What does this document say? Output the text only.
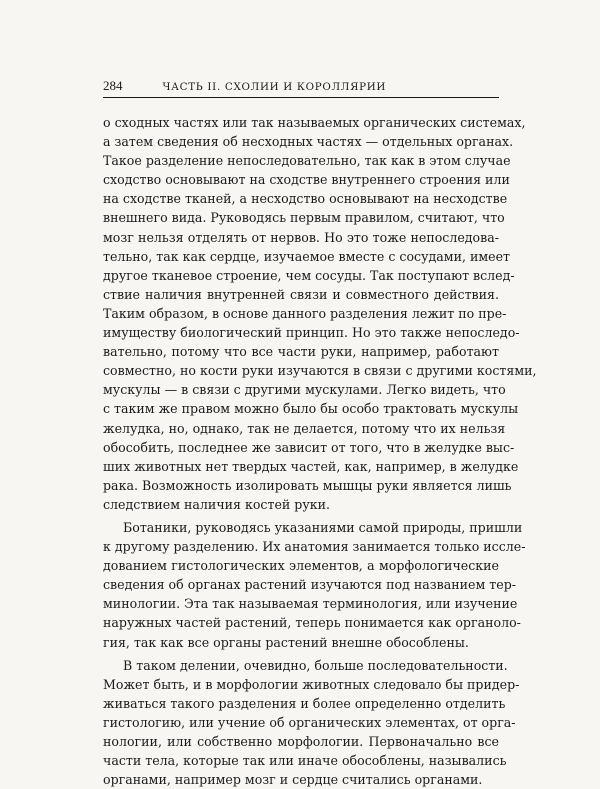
284	ЧАСТЬ II. СХОЛИИ И КОРОЛЛЯРИИ
о сходных частях или так называемых органических системах,
а затем сведения об несходных частях — отдельных органах.
Такое разделение непоследовательно, так как в этом случае
сходство основывают на сходстве внутреннего строения или
на сходстве тканей, а несходство основывают на несходстве
внешнего вида. Руководясь первым правилом, считают, что
мозг нельзя отделять от нервов. Но это тоже непоследова-
тельно, так как сердце, изучаемое вместе с сосудами, имеет
другое тканевое строение, чем сосуды. Так поступают вслед-
ствие наличия внутренней связи и совместного действия.
Таким образом, в основе данного разделения лежит по пре-
имуществу биологический принцип. Но это также непоследо-
вательно, потому что все части руки, например, работают
совместно, но кости руки изучаются в связи с другими костями,
мускулы — в связи с другими мускулами. Легко видеть, что
с таким же правом можно было бы особо трактовать мускулы
желудка, но, однако, так не делается, потому что их нельзя
обособить, последнее же зависит от того, что в желудке выс-
ших животных нет твердых частей, как, например, в желудке
рака. Возможность изолировать мышцы руки является лишь
следствием наличия костей руки.
Ботаники, руководясь указаниями самой природы, пришли
к другому разделению. Их анатомия занимается только иссле-
дованием гистологических элементов, а морфологические
сведения об органах растений изучаются под названием тер-
минологии. Эта так называемая терминология, или изучение
наружных частей растений, теперь понимается как органоло-
гия, так как все органы растений внешне обособлены.
В таком делении, очевидно, больше последовательности.
Может быть, и в морфологии животных следовало бы придер-
живаться такого разделения и более определенно отделить
гистологию, или учение об органических элементах, от орга-
нологии, или собственно морфологии. Первоначально все
части тела, которые так или иначе обособлены, назывались
органами, например мозг и сердце считались органами.
